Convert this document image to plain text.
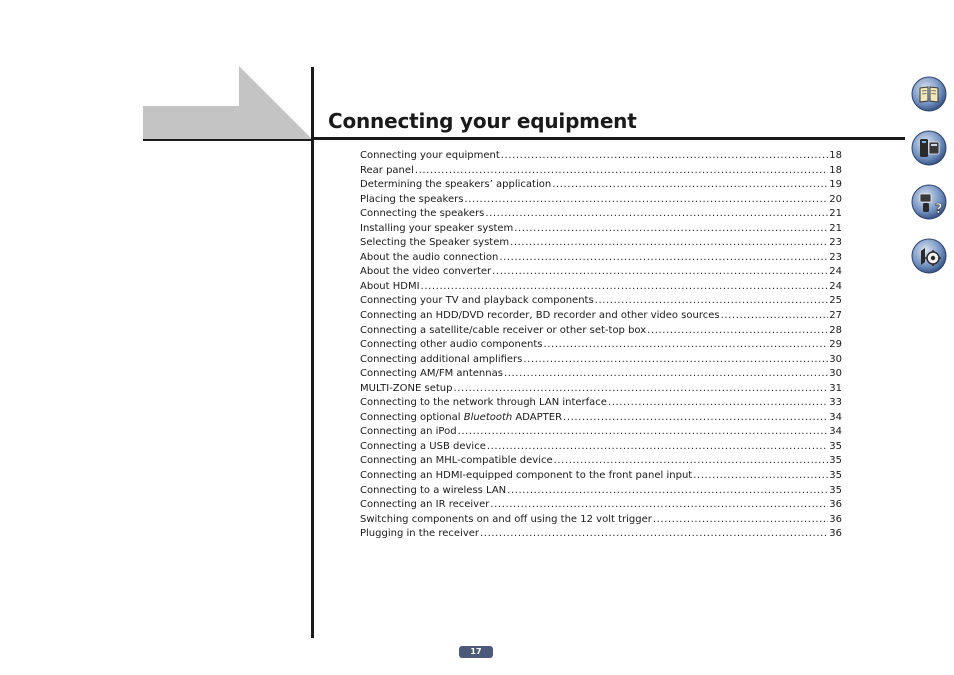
Connecting your equipment
Connecting your equipment .....	18
Rear panel .....	18
Determining the speakers’ application .....	19
Placing the speakers .....	20
Connecting the speakers .....	21
Installing your speaker system .....	21
Selecting the Speaker system .....	23
About the audio connection .....	23
About the video converter .....	24
About HDMI .....	24
Connecting your TV and playback components .....	25
Connecting an HDD/DVD recorder, BD recorder and other video sources .....	27
Connecting a satellite/cable receiver or other set-top box .....	28
Connecting other audio components .....	29
Connecting additional amplifiers .....	30
Connecting AM/FM antennas .....	30
MULTI-ZONE setup .....	31
Connecting to the network through LAN interface .....	33
Connecting optional Bluetooth ADAPTER .....	34
Connecting an iPod .....	34
Connecting a USB device .....	35
Connecting an MHL-compatible device .....	35
Connecting an HDMI-equipped component to the front panel input .....	35
Connecting to a wireless LAN .....	35
Connecting an IR receiver .....	36
Switching components on and off using the 12 volt trigger .....	36
Plugging in the receiver .....	36
?
17
